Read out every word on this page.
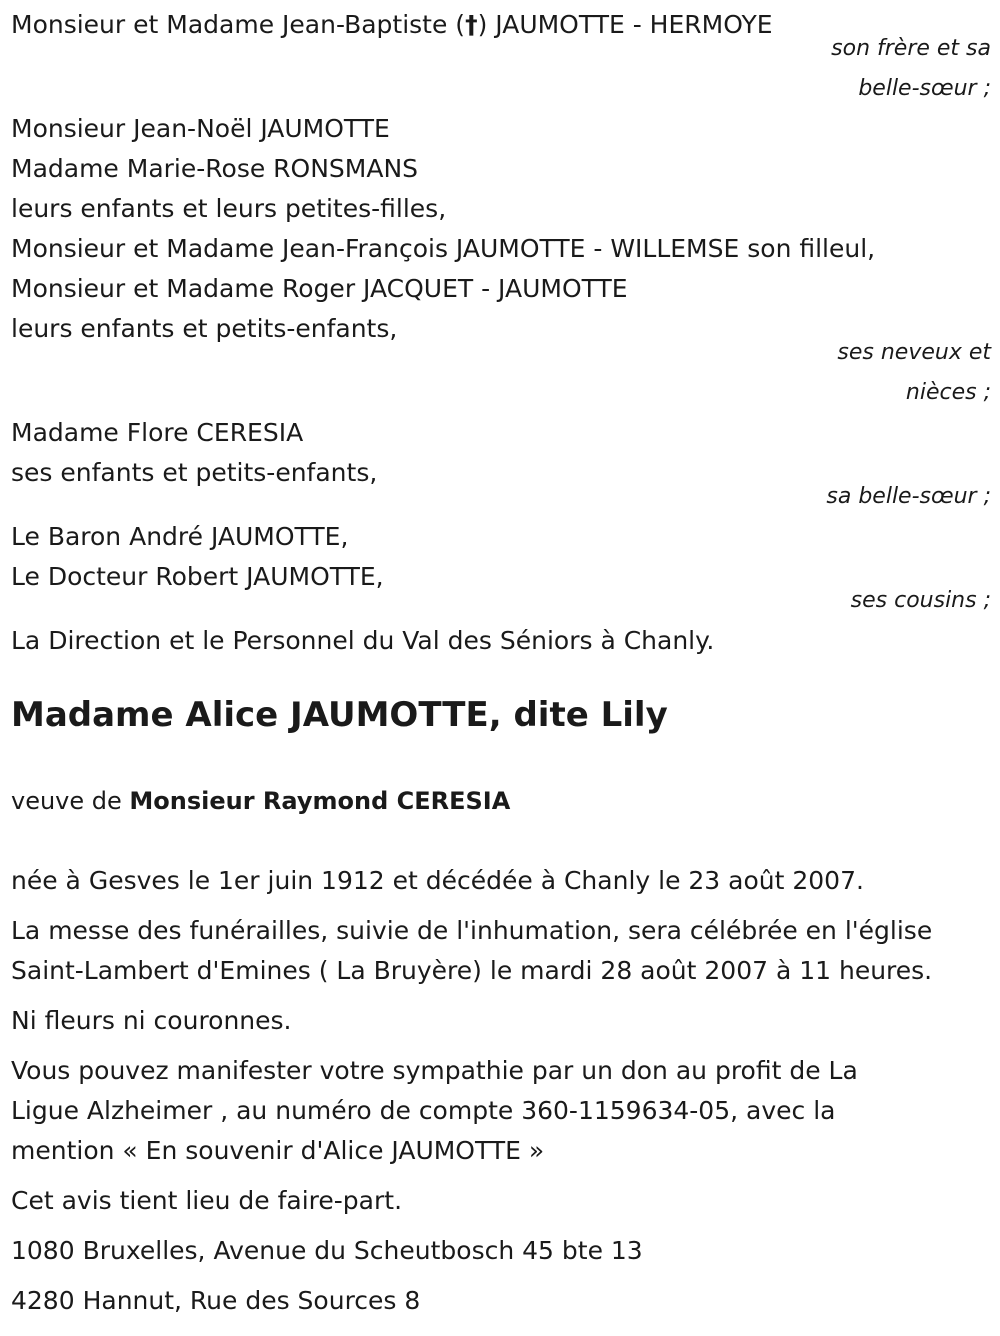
Monsieur et Madame Jean-Baptiste (†) JAUMOTTE - HERMOYE
son frère et sa
belle-sœur ;
Monsieur Jean-Noël JAUMOTTE
Madame Marie-Rose RONSMANS
leurs enfants et leurs petites-filles,
Monsieur et Madame Jean-François JAUMOTTE - WILLEMSE son filleul,
Monsieur et Madame Roger JACQUET - JAUMOTTE
leurs enfants et petits-enfants,
ses neveux et
nièces ;
Madame Flore CERESIA
ses enfants et petits-enfants,
sa belle-sœur ;
Le Baron André JAUMOTTE,
Le Docteur Robert JAUMOTTE,
ses cousins ;
La Direction et le Personnel du Val des Séniors à Chanly.
Madame Alice JAUMOTTE, dite Lily
veuve de Monsieur Raymond CERESIA
née à Gesves le 1er juin 1912 et décédée à Chanly le 23 août 2007.
La messe des funérailles, suivie de l'inhumation, sera célébrée en l'église
Saint-Lambert d'Emines ( La Bruyère) le mardi 28 août 2007 à 11 heures.
Ni fleurs ni couronnes.
Vous pouvez manifester votre sympathie par un don au profit de La
Ligue Alzheimer , au numéro de compte 360-1159634-05, avec la
mention « En souvenir d'Alice JAUMOTTE »
Cet avis tient lieu de faire-part.
1080 Bruxelles, Avenue du Scheutbosch 45 bte 13
4280 Hannut, Rue des Sources 8
